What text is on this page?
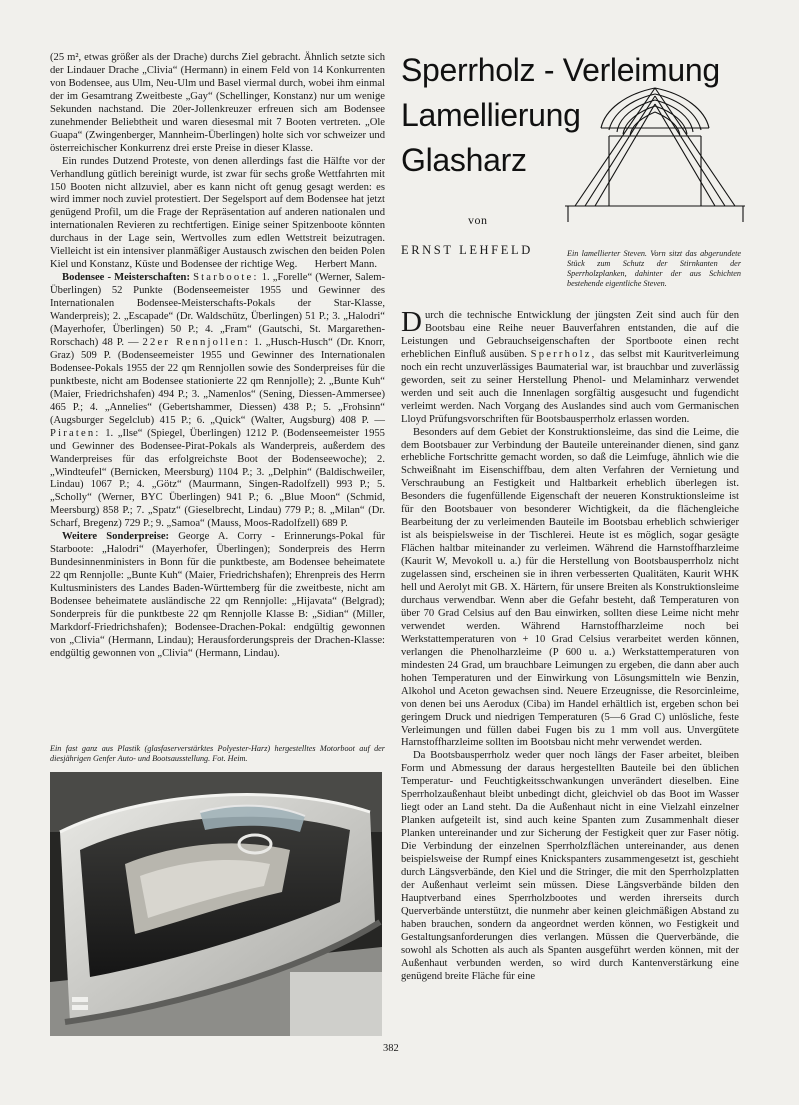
(25 m², etwas größer als der Drache) durchs Ziel gebracht. Ähnlich setzte sich der Lindauer Drache „Clivia“ (Hermann) in einem Feld von 14 Konkurrenten von Bodensee, aus Ulm, Neu-Ulm und Basel viermal durch, wobei ihm einmal der im Gesamtrang Zweitbeste „Gay“ (Schellinger, Konstanz) nur um wenige Sekunden nachstand. Die 20er-Jollenkreuzer erfreuen sich am Bodensee zunehmender Beliebtheit und waren diesesmal mit 7 Booten vertreten. „Ole Guapa“ (Zwingenberger, Mannheim-Überlingen) holte sich vor schweizer und österreichischer Konkurrenz drei erste Preise in dieser Klasse.

Ein rundes Dutzend Proteste, von denen allerdings fast die Hälfte vor der Verhandlung gütlich bereinigt wurde, ist zwar für sechs große Wettfahrten mit 150 Booten nicht allzuviel, aber es kann nicht oft genug gesagt werden: es wird immer noch zuviel protestiert. Der Segelsport auf dem Bodensee hat jetzt genügend Profil, um die Frage der Repräsentation auf anderen nationalen und internationalen Revieren zu rechtfertigen. Einige seiner Spitzenboote könnten durchaus in der Lage sein, Wertvolles zum edlen Wettstreit beizutragen. Vielleicht ist ein intensiver planmäßiger Austausch zwischen den beiden Polen Kiel und Konstanz, Küste und Bodensee der richtige Weg.	Herbert Mann.

Bodensee - Meisterschaften: Starboote: 1. „Forelle“ (Werner, Salem-Überlingen) 52 Punkte (Bodenseemeister 1955 und Gewinner des Internationalen Bodensee-Meisterschafts-Pokals der Star-Klasse, Wanderpreis); 2. „Escapade“ (Dr. Waldschütz, Überlingen) 51 P.; 3. „Halodri“ (Mayerhofer, Überlingen) 50 P.; 4. „Fram“ (Gautschi, St. Margarethen-Rorschach) 48 P. — 22er Rennjollen: 1. „Husch-Husch“ (Dr. Knorr, Graz) 509 P. (Bodenseemeister 1955 und Gewinner des Internationalen Bodensee-Pokals 1955 der 22 qm Rennjollen sowie des Sonderpreises für die punktbeste, nicht am Bodensee stationierte 22 qm Rennjolle); 2. „Bunte Kuh“ (Maier, Friedrichshafen) 494 P.; 3. „Namenlos“ (Sening, Diessen-Ammersee) 465 P.; 4. „Annelies“ (Gebertshammer, Diessen) 438 P.; 5. „Frohsinn“ (Augsburger Segelclub) 415 P.; 6. „Quick“ (Walter, Augsburg) 408 P. — Piraten: 1. „Ilse“ (Spiegel, Überlingen) 1212 P. (Bodenseemeister 1955 und Gewinner des Bodensee-Pirat-Pokals als Wanderpreis, außerdem des Wanderpreises für das erfolgreichste Boot der Bodenseewoche); 2. „Windteufel“ (Bernicken, Meersburg) 1104 P.; 3. „Delphin“ (Baldischweiler, Lindau) 1067 P.; 4. „Götz“ (Maurmann, Singen-Radolfzell) 993 P.; 5. „Scholly“ (Werner, BYC Überlingen) 941 P.; 6. „Blue Moon“ (Schmid, Meersburg) 858 P.; 7. „Spatz“ (Gieselbrecht, Lindau) 779 P.; 8. „Milan“ (Dr. Scharf, Bregenz) 729 P.; 9. „Samoa“ (Mauss, Moos-Radolfzell) 689 P.

Weitere Sonderpreise: George A. Corry - Erinnerungs-Pokal für Starboote: „Halodri“ (Mayerhofer, Überlingen); Sonderpreis des Herrn Bundesinnenministers in Bonn für die punktbeste, am Bodensee beheimatete 22 qm Rennjolle: „Bunte Kuh“ (Maier, Friedrichshafen); Ehrenpreis des Herrn Kultusministers des Landes Baden-Württemberg für die zweitbeste, nicht am Bodensee beheimatete ausländische 22 qm Rennjolle: „Hijavata“ (Belgrad); Sonderpreis für die punktbeste 22 qm Rennjolle Klasse B: „Sidian“ (Miller, Markdorf-Friedrichshafen); Bodensee-Drachen-Pokal: endgültig gewonnen von „Clivia“ (Hermann, Lindau); Herausforderungspreis der Drachen-Klasse: endgültig gewonnen von „Clivia“ (Hermann, Lindau).

Ein fast ganz aus Plastik (glasfaserverstärktes Polyester-Harz) hergestelltes Motorboot auf der diesjährigen Genfer Auto- und Bootsausstellung. Fot. Heim.
Sperrholz - Verleimung
Lamellierung
Glasharz
von
ERNST LEHFELD	Ein lamellierter Steven. Vorn sitzt das abgerundete Stück zum Schutz der Stirnkanten der Sperrholzplanken, dahinter der aus Schichten bestehende eigentliche Steven.

Durch die technische Entwicklung der jüngsten Zeit sind auch für den Bootsbau eine Reihe neuer Bauverfahren entstanden, die auf die Leistungen und Gebrauchseigenschaften der Sportboote einen recht erheblichen Einfluß ausüben. Sperrholz, das selbst mit Kauritverleimung noch ein recht unzuverlässiges Baumaterial war, ist brauchbar und zuverlässig geworden, seit zu seiner Herstellung Phenol- und Melaminharz verwendet werden und seit auch die Innenlagen sorgfältig ausgesucht und fugendicht verleimt werden. Nach Vorgang des Auslandes sind auch vom Germanischen Lloyd Prüfungsvorschriften für Bootsbausperrholz erlassen worden.

Besonders auf dem Gebiet der Konstruktionsleime, das sind die Leime, die dem Bootsbauer zur Verbindung der Bauteile untereinander dienen, sind ganz erhebliche Fortschritte gemacht worden, so daß die Leimfuge, ähnlich wie die Schweißnaht im Eisenschiffbau, dem alten Verfahren der Vernietung und Verschraubung an Festigkeit und Haltbarkeit erheblich überlegen ist. Besonders die fugenfüllende Eigenschaft der neueren Konstruktionsleime ist für den Bootsbauer von besonderer Wichtigkeit, da die flächengleiche Bearbeitung der zu verleimenden Bauteile im Bootsbau erheblich schwieriger ist als beispielsweise in der Tischlerei. Heute ist es möglich, sogar gesägte Flächen haltbar miteinander zu verleimen. Während die Harnstoffharzleime (Kaurit W, Mevokoll u. a.) für die Herstellung von Bootsbausperrholz nicht zugelassen sind, erscheinen sie in ihren verbesserten Qualitäten, Kaurit WHK hell und Aerolyt mit GB. X. Härtern, für unsere Breiten als Konstruktionsleime durchaus verwendbar. Wenn aber die Gefahr besteht, daß Temperaturen von über 70 Grad Celsius auf den Bau einwirken, sollten diese Leime nicht mehr verwendet werden. Während Harnstoffharzleime noch bei Werkstattemperaturen von + 10 Grad Celsius verarbeitet werden können, verlangen die Phenolharzleime (P 600 u. a.) Werkstattemperaturen von mindesten 24 Grad, um brauchbare Leimungen zu ergeben, die dann aber auch hohen Temperaturen und der Einwirkung von Lösungsmitteln wie Benzin, Alkohol und Aceton gewachsen sind. Neuere Erzeugnisse, die Resorcinleime, von denen bei uns Aerodux (Ciba) im Handel erhältlich ist, ergeben schon bei geringem Druck und niedrigen Temperaturen (5—6 Grad C) unlösliche, feste Verleimungen und füllen dabei Fugen bis zu 1 mm voll aus. Unvergütete Harnstoffharzleime sollten im Bootsbau nicht mehr verwendet werden.

Da Bootsbausperrholz weder quer noch längs der Faser arbeitet, bleiben Form und Abmessung der daraus hergestellten Bauteile bei den üblichen Temperatur- und Feuchtigkeitsschwankungen unverändert dieselben. Eine Sperrholzaußenhaut bleibt unbedingt dicht, gleichviel ob das Boot im Wasser liegt oder an Land steht. Da die Außenhaut nicht in eine Vielzahl einzelner Planken aufgeteilt ist, sind auch keine Spanten zum Zusammenhalt dieser Planken untereinander und zur Sicherung der Festigkeit quer zur Faser nötig. Die Verbindung der einzelnen Sperrholzflächen untereinander, aus denen beispielsweise der Rumpf eines Knickspanters zusammengesetzt ist, geschieht durch Längsverbände, den Kiel und die Stringer, die mit den Sperrholzplatten der Außenhaut verleimt sein müssen. Diese Längsverbände bilden den Hauptverband eines Sperrholzbootes und werden ihrerseits durch Querverbände unterstützt, die nunmehr aber keinen gleichmäßigen Abstand zu haben brauchen, sondern da angeordnet werden können, wo Festigkeit und Gestaltungsanforderungen dies verlangen. Müssen die Querverbände, die sowohl als Schotten als auch als Spanten ausgeführt werden können, mit der Außenhaut verbunden werden, so wird durch Kantenverstärkung eine genügend breite Fläche für eine

382
